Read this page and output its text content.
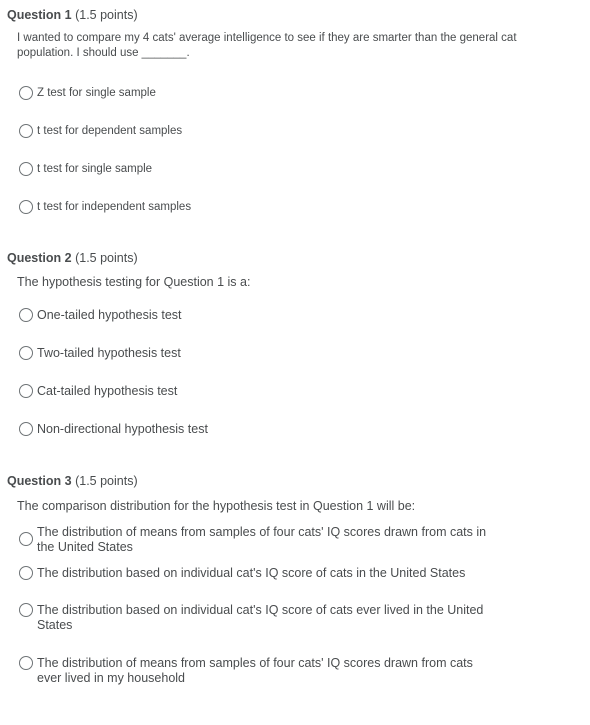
Question 1 (1.5 points)
I wanted to compare my 4 cats' average intelligence to see if they are smarter than the general cat population. I should use _______.
Z test for single sample
t test for dependent samples
t test for single sample
t test for independent samples
Question 2 (1.5 points)
The hypothesis testing for Question 1 is a:
One-tailed hypothesis test
Two-tailed hypothesis test
Cat-tailed hypothesis test
Non-directional hypothesis test
Question 3 (1.5 points)
The comparison distribution for the hypothesis test in Question 1 will be:
The distribution of means from samples of four cats' IQ scores drawn from cats in the United States
The distribution based on individual cat's IQ score of cats in the United States
The distribution based on individual cat's IQ score of cats ever lived in the United States
The distribution of means from samples of four cats' IQ scores drawn from cats ever lived in my household
